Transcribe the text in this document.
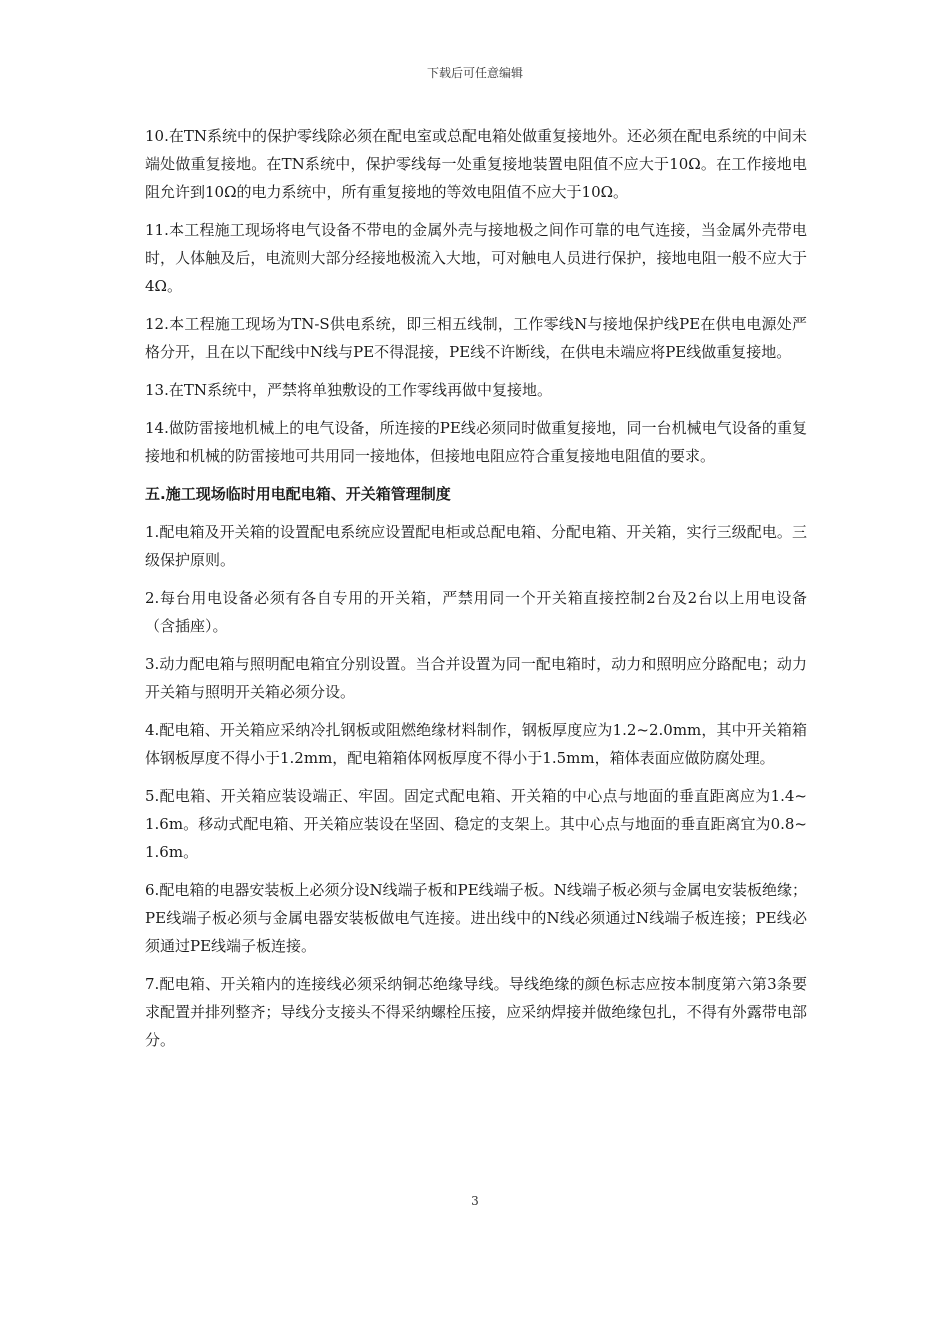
下载后可任意编辑

10.在TN系统中的保护零线除必须在配电室或总配电箱处做重复接地外。还必须在配电系统的中间未端处做重复接地。在TN系统中，保护零线每一处重复接地装置电阻值不应大于10Ω。在工作接地电阻允许到10Ω的电力系统中，所有重复接地的等效电阻值不应大于10Ω。

11.本工程施工现场将电气设备不带电的金属外壳与接地极之间作可靠的电气连接，当金属外壳带电时，人体触及后，电流则大部分经接地极流入大地，可对触电人员进行保护，接地电阻一般不应大于4Ω。

12.本工程施工现场为TN-S供电系统，即三相五线制，工作零线N与接地保护线PE在供电电源处严格分开，且在以下配线中N线与PE不得混接，PE线不许断线，在供电未端应将PE线做重复接地。

13.在TN系统中，严禁将单独敷设的工作零线再做中复接地。

14.做防雷接地机械上的电气设备，所连接的PE线必须同时做重复接地，同一台机械电气设备的重复接地和机械的防雷接地可共用同一接地体，但接地电阻应符合重复接地电阻值的要求。

五.施工现场临时用电配电箱、开关箱管理制度

1.配电箱及开关箱的设置配电系统应设置配电柜或总配电箱、分配电箱、开关箱，实行三级配电。三级保护原则。

2.每台用电设备必须有各自专用的开关箱，严禁用同一个开关箱直接控制2台及2台以上用电设备（含插座）。

3.动力配电箱与照明配电箱宜分别设置。当合并设置为同一配电箱时，动力和照明应分路配电；动力开关箱与照明开关箱必须分设。

4.配电箱、开关箱应采纳冷扎钢板或阻燃绝缘材料制作，钢板厚度应为1.2~2.0mm，其中开关箱箱体钢板厚度不得小于1.2mm，配电箱箱体网板厚度不得小于1.5mm，箱体表面应做防腐处理。

5.配电箱、开关箱应装设端正、牢固。固定式配电箱、开关箱的中心点与地面的垂直距离应为1.4~1.6m。移动式配电箱、开关箱应装设在坚固、稳定的支架上。其中心点与地面的垂直距离宜为0.8~1.6m。

6.配电箱的电器安装板上必须分设N线端子板和PE线端子板。N线端子板必须与金属电安装板绝缘；PE线端子板必须与金属电器安装板做电气连接。进出线中的N线必须通过N线端子板连接；PE线必须通过PE线端子板连接。

7.配电箱、开关箱内的连接线必须采纳铜芯绝缘导线。导线绝缘的颜色标志应按本制度第六第3条要求配置并排列整齐；导线分支接头不得采纳螺栓压接，应采纳焊接并做绝缘包扎，不得有外露带电部分。

3
